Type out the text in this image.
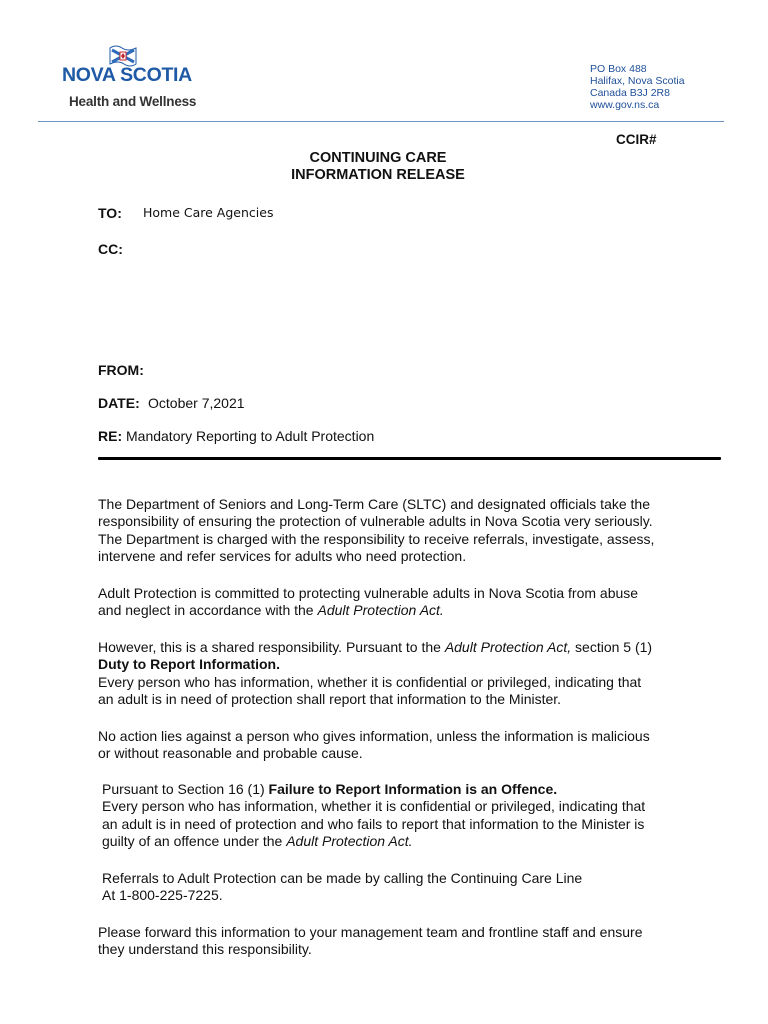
NOVA SCOTIA
Health and Wellness
PO Box 488
Halifax, Nova Scotia
Canada B3J 2R8
www.gov.ns.ca
CCIR#
CONTINUING CARE
INFORMATION RELEASE
TO: Home Care Agencies
CC:
FROM:
DATE: October 7,2021
RE: Mandatory Reporting to Adult Protection
The Department of Seniors and Long-Term Care (SLTC) and designated officials take the responsibility of ensuring the protection of vulnerable adults in Nova Scotia very seriously. The Department is charged with the responsibility to receive referrals, investigate, assess, intervene and refer services for adults who need protection.
Adult Protection is committed to protecting vulnerable adults in Nova Scotia from abuse and neglect in accordance with the Adult Protection Act.
However, this is a shared responsibility. Pursuant to the Adult Protection Act, section 5 (1) Duty to Report Information.
Every person who has information, whether it is confidential or privileged, indicating that an adult is in need of protection shall report that information to the Minister.
No action lies against a person who gives information, unless the information is malicious or without reasonable and probable cause.
Pursuant to Section 16 (1) Failure to Report Information is an Offence.
Every person who has information, whether it is confidential or privileged, indicating that an adult is in need of protection and who fails to report that information to the Minister is guilty of an offence under the Adult Protection Act.
Referrals to Adult Protection can be made by calling the Continuing Care Line
At 1-800-225-7225.
Please forward this information to your management team and frontline staff and ensure they understand this responsibility.
